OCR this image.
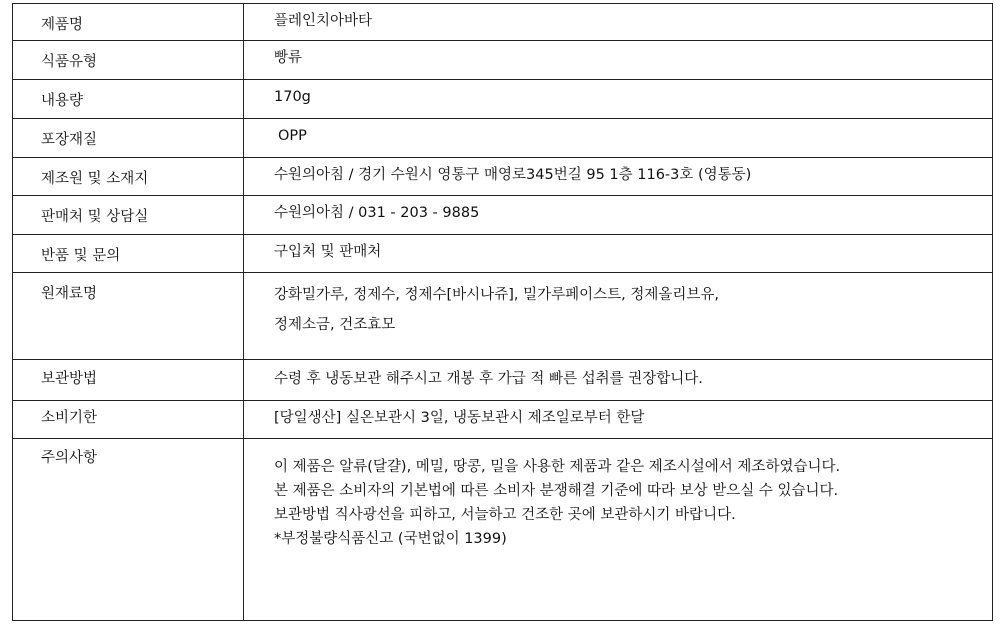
제품명	플레인치아바타
식품유형	빵류
내용량	170g
포장재질	OPP
제조원 및 소재지	수원의아침 / 경기 수원시 영통구 매영로345번길 95 1층 116-3호 (영통동)
판매처 및 상담실	수원의아침 / 031 - 203 - 9885
반품 및 문의	구입처 및 판매처
원재료명	강화밀가루, 정제수, 정제수[바시나쥬], 밀가루페이스트, 정제올리브유,
정제소금, 건조효모

보관방법	수령 후 냉동보관 해주시고 개봉 후 가급 적 빠른 섭취를 권장합니다.
소비기한	[당일생산] 실온보관시 3일, 냉동보관시 제조일로부터 한달
주의사항	이 제품은 알류(달걀), 메밀, 땅콩, 밀을 사용한 제품과 같은 제조시설에서 제조하였습니다.
본 제품은 소비자의 기본법에 따른 소비자 분쟁해결 기준에 따라 보상 받으실 수 있습니다.
보관방법 직사광선을 피하고, 서늘하고 건조한 곳에 보관하시기 바랍니다.
*부정불량식품신고 (국번없이 1399)
